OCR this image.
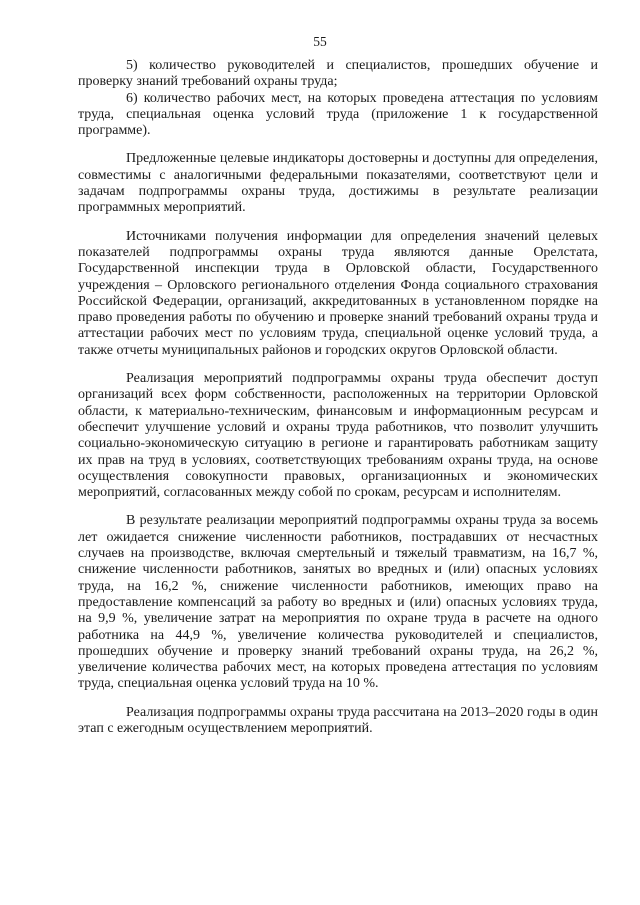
55

5) количество руководителей и специалистов, прошедших обучение и проверку знаний требований охраны труда;

6) количество рабочих мест, на которых проведена аттестация по условиям труда, специальная оценка условий труда (приложение 1 к государственной программе).

Предложенные целевые индикаторы достоверны и доступны для определения, совместимы с аналогичными федеральными показателями, соответствуют цели и задачам подпрограммы охраны труда, достижимы в результате реализации программных мероприятий.

Источниками получения информации для определения значений целевых показателей подпрограммы охраны труда являются данные Орелстата, Государственной инспекции труда в Орловской области, Государственного учреждения – Орловского регионального отделения Фонда социального страхования Российской Федерации, организаций, аккредитованных в установленном порядке на право проведения работы по обучению и проверке знаний требований охраны труда и аттестации рабочих мест по условиям труда, специальной оценке условий труда, а также отчеты муниципальных районов и городских округов Орловской области.

Реализация мероприятий подпрограммы охраны труда обеспечит доступ организаций всех форм собственности, расположенных на территории Орловской области, к материально-техническим, финансовым и информационным ресурсам и обеспечит улучшение условий и охраны труда работников, что позволит улучшить социально-экономическую ситуацию в регионе и гарантировать работникам защиту их прав на труд в условиях, соответствующих требованиям охраны труда, на основе осуществления совокупности правовых, организационных и экономических мероприятий, согласованных между собой по срокам, ресурсам и исполнителям.

В результате реализации мероприятий подпрограммы охраны труда за восемь лет ожидается снижение численности работников, пострадавших от несчастных случаев на производстве, включая смертельный и тяжелый травматизм, на 16,7 %, снижение численности работников, занятых во вредных и (или) опасных условиях труда, на 16,2 %, снижение численности работников, имеющих право на предоставление компенсаций за работу во вредных и (или) опасных условиях труда, на 9,9 %, увеличение затрат на мероприятия по охране труда в расчете на одного работника на 44,9 %, увеличение количества руководителей и специалистов, прошедших обучение и проверку знаний требований охраны труда, на 26,2 %, увеличение количества рабочих мест, на которых проведена аттестация по условиям труда, специальная оценка условий труда на 10 %.

Реализация подпрограммы охраны труда рассчитана на 2013–2020 годы в один этап с ежегодным осуществлением мероприятий.
